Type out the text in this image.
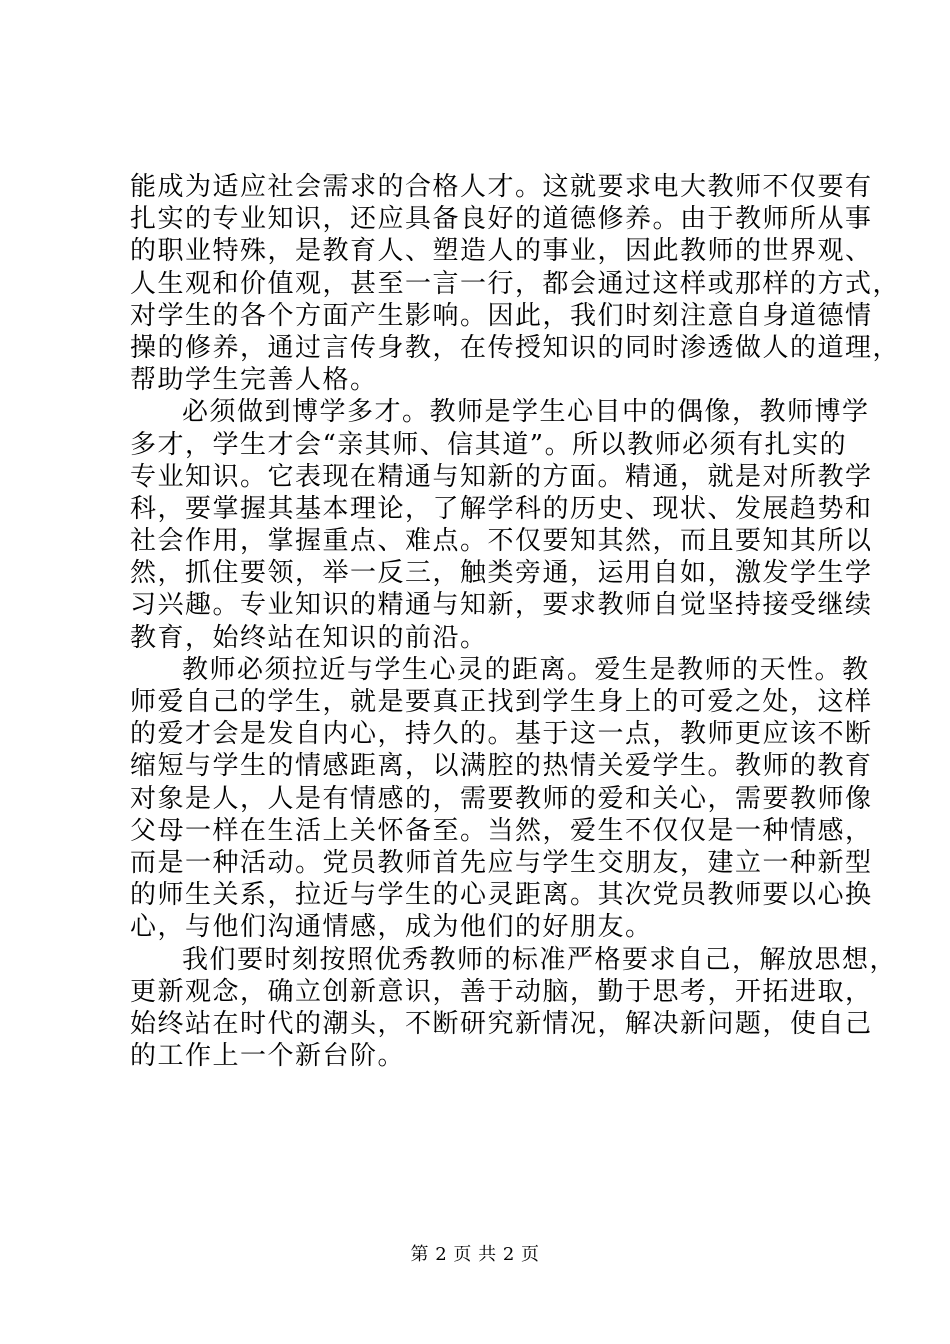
能成为适应社会需求的合格人才。这就要求电大教师不仅要有
扎实的专业知识，还应具备良好的道德修养。由于教师所从事
的职业特殊，是教育人、塑造人的事业，因此教师的世界观、
人生观和价值观，甚至一言一行，都会通过这样或那样的方式，
对学生的各个方面产生影响。因此，我们时刻注意自身道德情
操的修养，通过言传身教，在传授知识的同时渗透做人的道理，
帮助学生完善人格。
必须做到博学多才。教师是学生心目中的偶像，教师博学
多才，学生才会“亲其师、信其道”。所以教师必须有扎实的
专业知识。它表现在精通与知新的方面。精通，就是对所教学
科，要掌握其基本理论，了解学科的历史、现状、发展趋势和
社会作用，掌握重点、难点。不仅要知其然，而且要知其所以
然，抓住要领，举一反三，触类旁通，运用自如，激发学生学
习兴趣。专业知识的精通与知新，要求教师自觉坚持接受继续
教育，始终站在知识的前沿。
教师必须拉近与学生心灵的距离。爱生是教师的天性。教
师爱自己的学生，就是要真正找到学生身上的可爱之处，这样
的爱才会是发自内心，持久的。基于这一点，教师更应该不断
缩短与学生的情感距离，以满腔的热情关爱学生。教师的教育
对象是人，人是有情感的，需要教师的爱和关心，需要教师像
父母一样在生活上关怀备至。当然，爱生不仅仅是一种情感，
而是一种活动。党员教师首先应与学生交朋友，建立一种新型
的师生关系，拉近与学生的心灵距离。其次党员教师要以心换
心，与他们沟通情感，成为他们的好朋友。
我们要时刻按照优秀教师的标准严格要求自己，解放思想，
更新观念，确立创新意识，善于动脑，勤于思考，开拓进取，
始终站在时代的潮头，不断研究新情况，解决新问题，使自己
的工作上一个新台阶。
第 2 页 共 2 页
